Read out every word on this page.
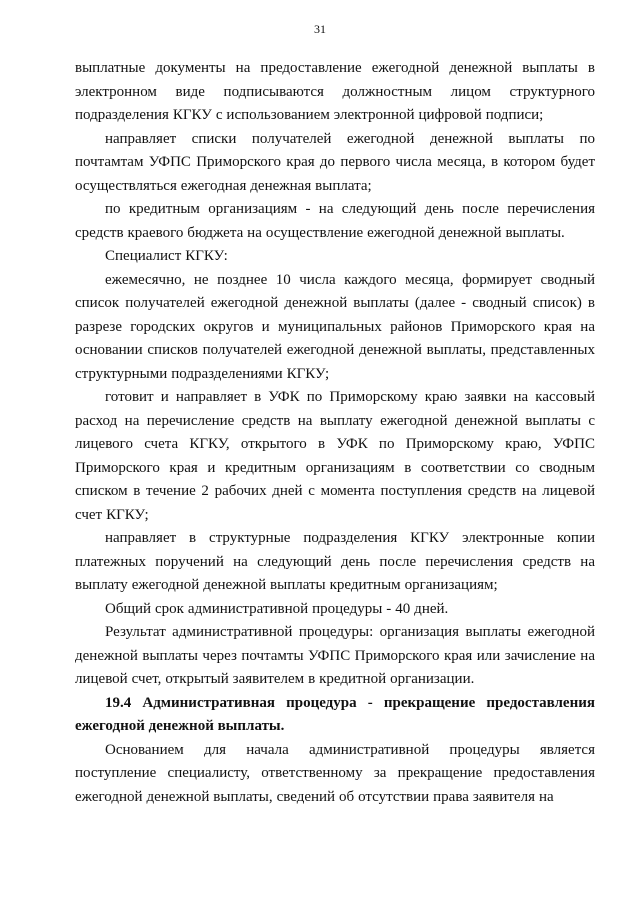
31

выплатные документы на предоставление ежегодной денежной выплаты в электронном виде подписываются должностным лицом структурного подразделения КГКУ с использованием электронной цифровой подписи;

направляет списки получателей ежегодной денежной выплаты по почтамтам УФПС Приморского края до первого числа месяца, в котором будет осуществляться ежегодная денежная выплата;

по кредитным организациям - на следующий день после перечисления средств краевого бюджета на осуществление ежегодной денежной выплаты.

Специалист КГКУ:

ежемесячно, не позднее 10 числа каждого месяца, формирует сводный список получателей ежегодной денежной выплаты (далее - сводный список) в разрезе городских округов и муниципальных районов Приморского края на основании списков получателей ежегодной денежной выплаты, представленных структурными подразделениями КГКУ;

готовит и направляет в УФК по Приморскому краю заявки на кассовый расход на перечисление средств на выплату ежегодной денежной выплаты с лицевого счета КГКУ, открытого в УФК по Приморскому краю, УФПС Приморского края и кредитным организациям в соответствии со сводным списком в течение 2 рабочих дней с момента поступления средств на лицевой счет КГКУ;

направляет в структурные подразделения КГКУ электронные копии платежных поручений на следующий день после перечисления средств на выплату ежегодной денежной выплаты кредитным организациям;

Общий срок административной процедуры - 40 дней.

Результат административной процедуры: организация выплаты ежегодной денежной выплаты через почтамты УФПС Приморского края или зачисление на лицевой счет, открытый заявителем в кредитной организации.

19.4 Административная процедура - прекращение предоставления ежегодной денежной выплаты.

Основанием для начала административной процедуры является поступление специалисту, ответственному за прекращение предоставления ежегодной денежной выплаты, сведений об отсутствии права заявителя на
